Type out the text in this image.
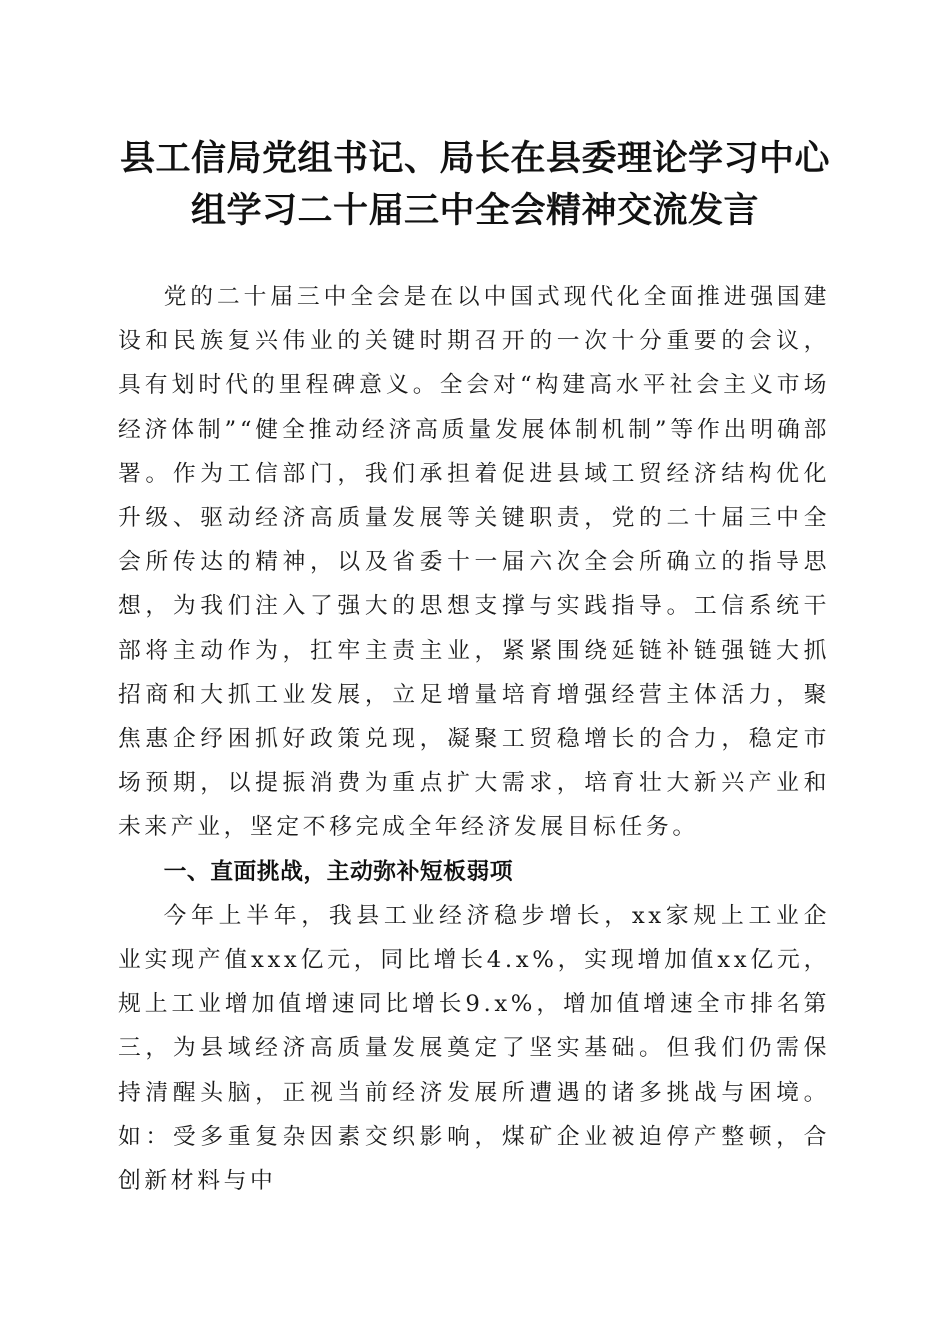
县工信局党组书记、局长在县委理论学习中心
组学习二十届三中全会精神交流发言

党的二十届三中全会是在以中国式现代化全面推进强国建设和民族复兴伟业的关键时期召开的一次十分重要的会议，具有划时代的里程碑意义。全会对“构建高水平社会主义市场经济体制”“健全推动经济高质量发展体制机制”等作出明确部署。作为工信部门，我们承担着促进县域工贸经济结构优化升级、驱动经济高质量发展等关键职责，党的二十届三中全会所传达的精神，以及省委十一届六次全会所确立的指导思想，为我们注入了强大的思想支撑与实践指导。工信系统干部将主动作为，扛牢主责主业，紧紧围绕延链补链强链大抓招商和大抓工业发展，立足增量培育增强经营主体活力，聚焦惠企纾困抓好政策兑现，凝聚工贸稳增长的合力，稳定市场预期，以提振消费为重点扩大需求，培育壮大新兴产业和未来产业，坚定不移完成全年经济发展目标任务。

一、直面挑战，主动弥补短板弱项

今年上半年，我县工业经济稳步增长，xx家规上工业企业实现产值xxx亿元，同比增长4.x%，实现增加值xx亿元，规上工业增加值增速同比增长9.x%，增加值增速全市排名第三，为县域经济高质量发展奠定了坚实基础。但我们仍需保持清醒头脑，正视当前经济发展所遭遇的诸多挑战与困境。如：受多重复杂因素交织影响，煤矿企业被迫停产整顿，合创新材料与中
